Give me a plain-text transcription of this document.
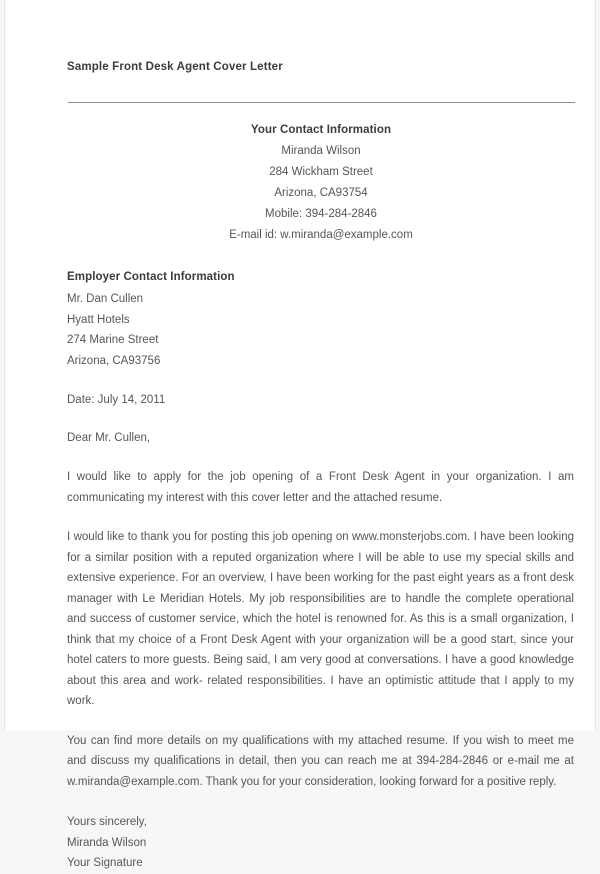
Sample Front Desk Agent Cover Letter
Your Contact Information
Miranda Wilson
284 Wickham Street
Arizona, CA93754
Mobile: 394-284-2846
E-mail id: w.miranda@example.com
Employer Contact Information
Mr. Dan Cullen
Hyatt Hotels
274 Marine Street
Arizona, CA93756
Date: July 14, 2011
Dear Mr. Cullen,

I would like to apply for the job opening of a Front Desk Agent in your organization. I am communicating my interest with this cover letter and the attached resume.

I would like to thank you for posting this job opening on www.monsterjobs.com. I have been looking for a similar position with a reputed organization where I will be able to use my special skills and extensive experience. For an overview, I have been working for the past eight years as a front desk manager with Le Meridian Hotels. My job responsibilities are to handle the complete operational and success of customer service, which the hotel is renowned for. As this is a small organization, I think that my choice of a Front Desk Agent with your organization will be a good start, since your hotel caters to more guests. Being said, I am very good at conversations. I have a good knowledge about this area and work- related responsibilities. I have an optimistic attitude that I apply to my work.

You can find more details on my qualifications with my attached resume. If you wish to meet me and discuss my qualifications in detail, then you can reach me at 394-284-2846 or e-mail me at w.miranda@example.com. Thank you for your consideration, looking forward for a positive reply.

Yours sincerely,
Miranda Wilson
Your Signature
